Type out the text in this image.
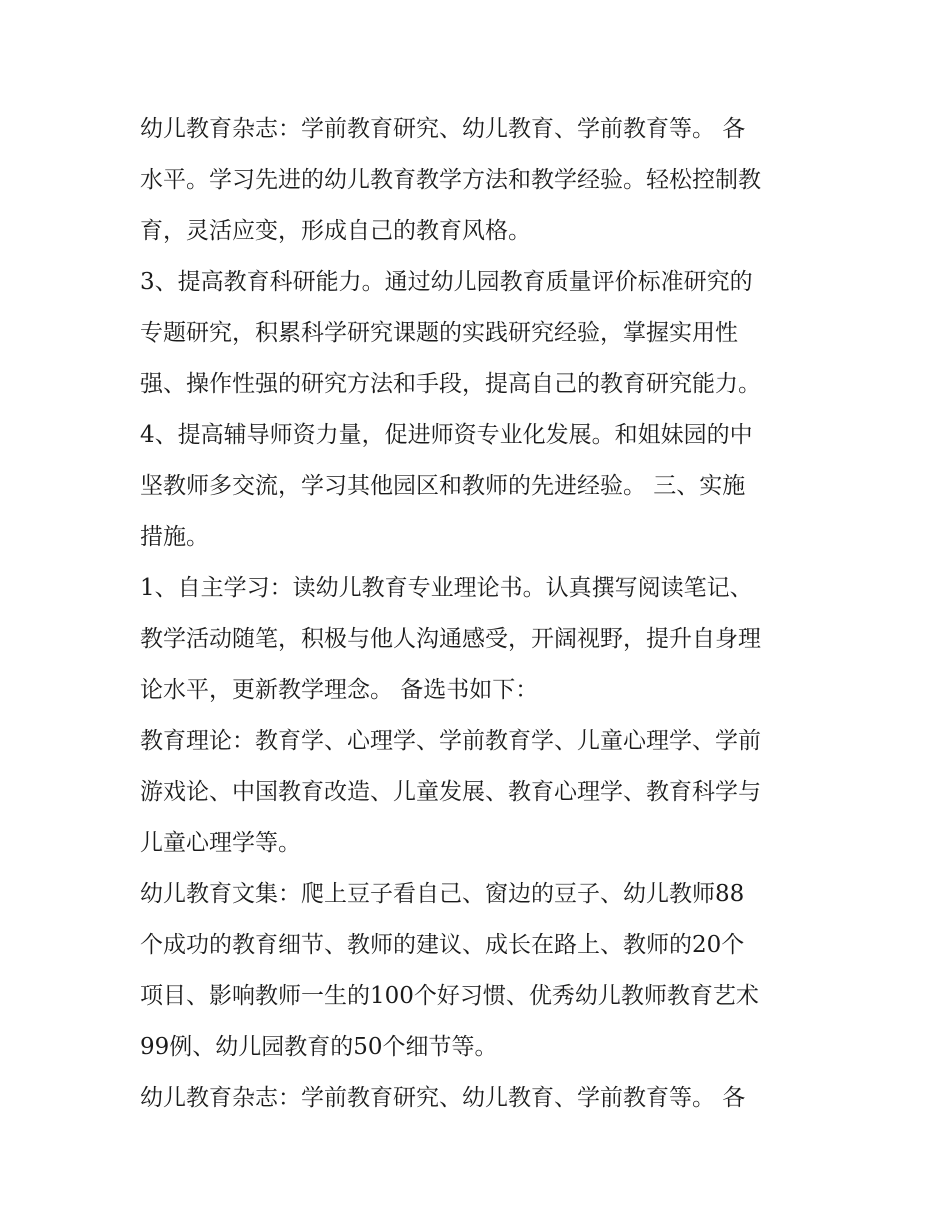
幼儿教育杂志：学前教育研究、幼儿教育、学前教育等。 各
水平。学习先进的幼儿教育教学方法和教学经验。轻松控制教
育，灵活应变，形成自己的教育风格。
3、提高教育科研能力。通过幼儿园教育质量评价标准研究的
专题研究，积累科学研究课题的实践研究经验，掌握实用性
强、操作性强的研究方法和手段，提高自己的教育研究能力。
4、提高辅导师资力量，促进师资专业化发展。和姐妹园的中
坚教师多交流，学习其他园区和教师的先进经验。 三、实施
措施。
1、自主学习：读幼儿教育专业理论书。认真撰写阅读笔记、
教学活动随笔，积极与他人沟通感受，开阔视野，提升自身理
论水平，更新教学理念。 备选书如下：
教育理论：教育学、心理学、学前教育学、儿童心理学、学前
游戏论、中国教育改造、儿童发展、教育心理学、教育科学与
儿童心理学等。
幼儿教育文集：爬上豆子看自己、窗边的豆子、幼儿教师88
个成功的教育细节、教师的建议、成长在路上、教师的20个
项目、影响教师一生的100个好习惯、优秀幼儿教师教育艺术
99例、幼儿园教育的50个细节等。
幼儿教育杂志：学前教育研究、幼儿教育、学前教育等。 各
